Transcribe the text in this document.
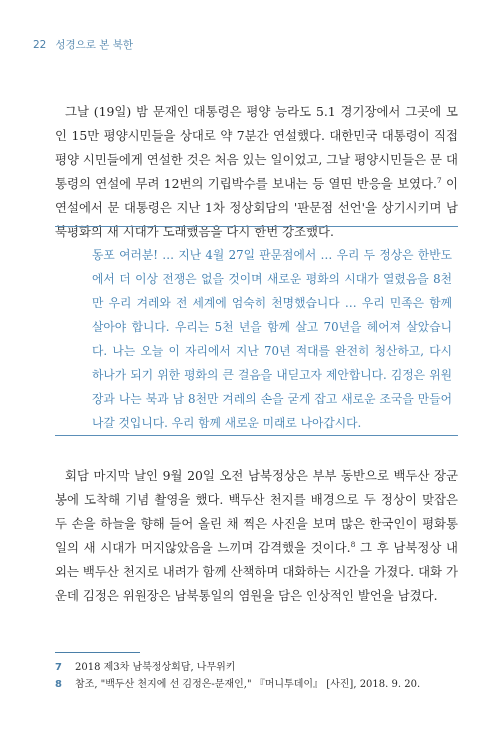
22 성경으로 본 북한

그날 (19일) 밤 문재인 대통령은 평양 능라도 5.1 경기장에서 그곳에 모인 15만 평양시민들을 상대로 약 7분간 연설했다. 대한민국 대통령이 직접 평양 시민들에게 연설한 것은 처음 있는 일이었고, 그날 평양시민들은 문 대통령의 연설에 무려 12번의 기립박수를 보내는 등 열띤 반응을 보였다.$^7$ 이 연설에서 문 대통령은 지난 1차 정상회담의 '판문점 선언'을 상기시키며 남북평화의 새 시대가 도래했음을 다시 한번 강조했다.

동포 여러분! … 지난 4월 27일 판문점에서 … 우리 두 정상은 한반도에서 더 이상 전쟁은 없을 것이며 새로운 평화의 시대가 열렸음을 8천만 우리 겨레와 전 세계에 엄숙히 천명했습니다 … 우리 민족은 함께 살아야 합니다. 우리는 5천 년을 함께 살고 70년을 헤어져 살았습니다. 나는 오늘 이 자리에서 지난 70년 적대를 완전히 청산하고, 다시 하나가 되기 위한 평화의 큰 걸음을 내딛고자 제안합니다. 김정은 위원장과 나는 북과 남 8천만 겨레의 손을 굳게 잡고 새로운 조국을 만들어 나갈 것입니다. 우리 함께 새로운 미래로 나아갑시다.

회담 마지막 날인 9월 20일 오전 남북정상은 부부 동반으로 백두산 장군봉에 도착해 기념 촬영을 했다. 백두산 천지를 배경으로 두 정상이 맞잡은 두 손을 하늘을 향해 들어 올린 채 찍은 사진을 보며 많은 한국인이 평화통일의 새 시대가 머지않았음을 느끼며 감격했을 것이다.$^8$ 그 후 남북정상 내외는 백두산 천지로 내려가 함께 산책하며 대화하는 시간을 가졌다. 대화 가운데 김정은 위원장은 남북통일의 염원을 담은 인상적인 발언을 남겼다.

7	2018 제3차 남북정상회담, 나무위키
8	참조, "백두산 천지에 선 김정은-문재인," 『머니투데이』 [사진], 2018. 9. 20.
